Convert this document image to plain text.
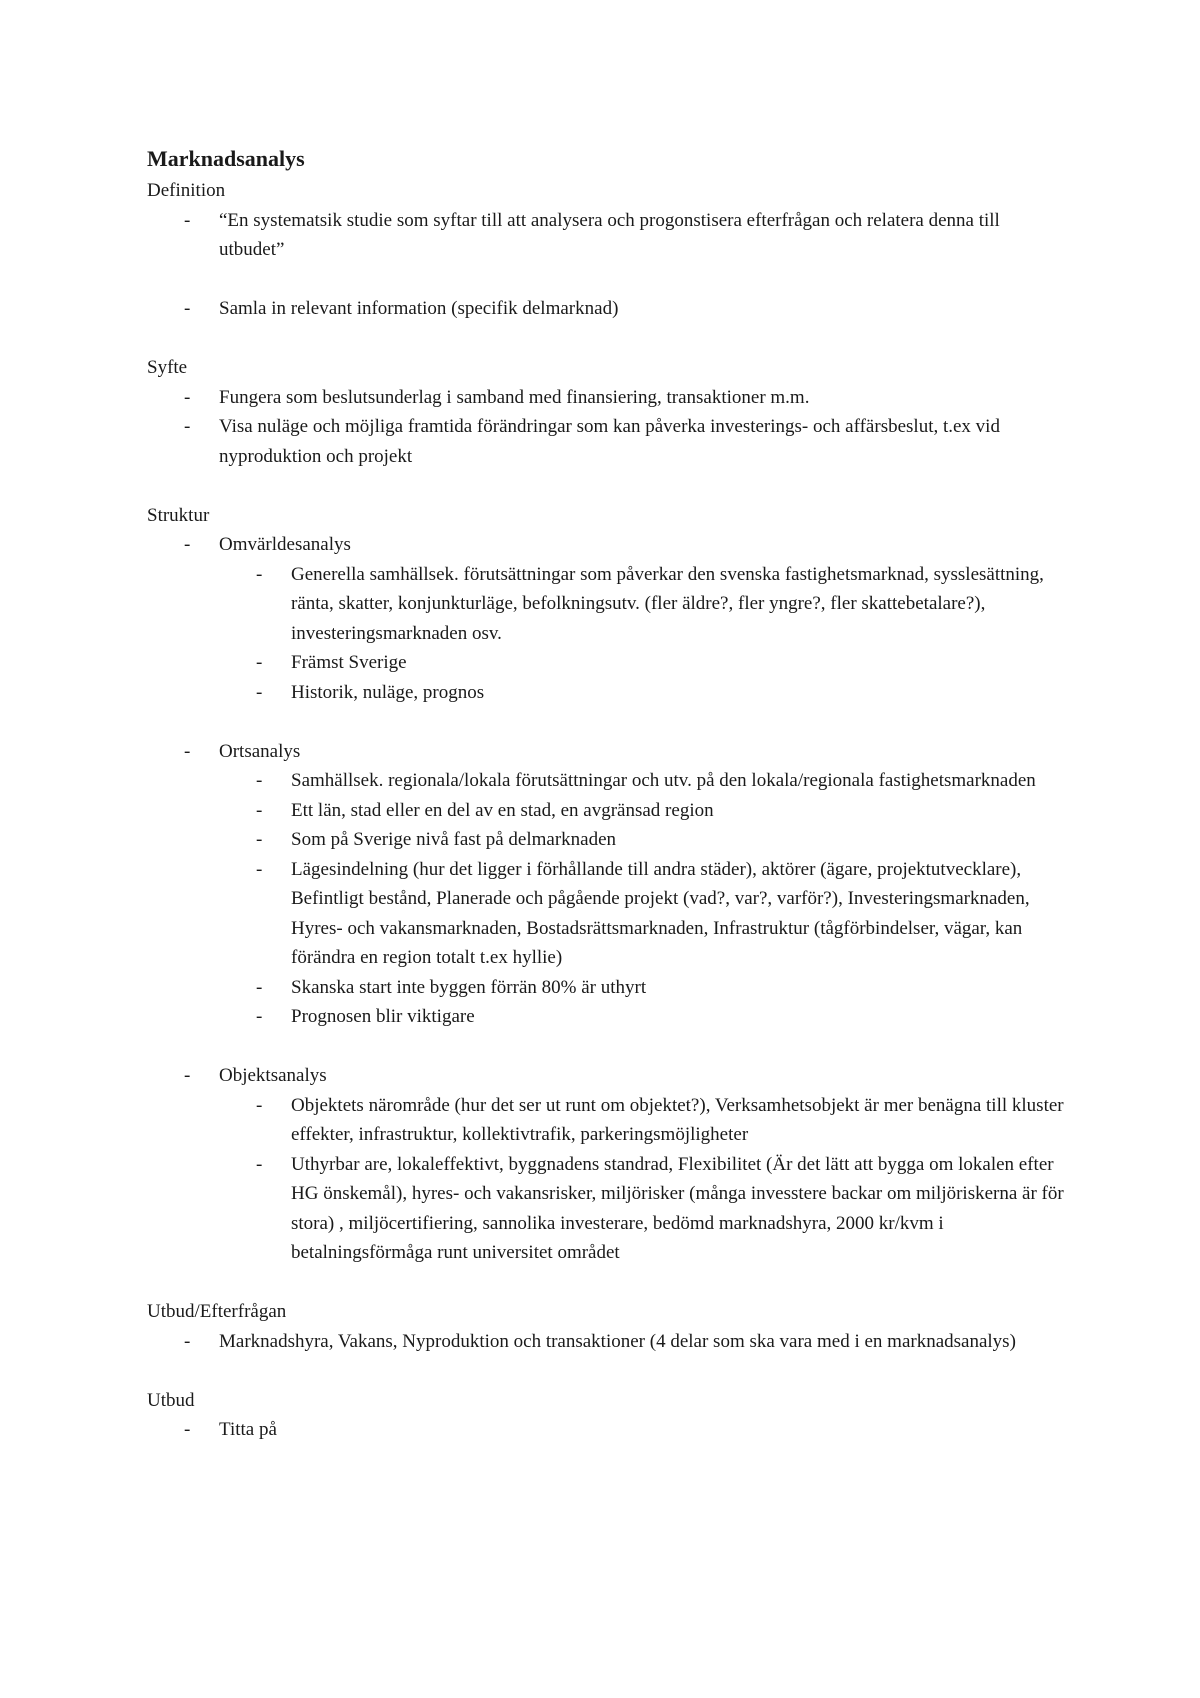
Marknadsanalys
Definition
- “En systematsik studie som syftar till att analysera och progonstisera efterfrågan och relatera denna till utbudet”
- Samla in relevant information (specifik delmarknad)
Syfte
- Fungera som beslutsunderlag i samband med finansiering, transaktioner m.m.
- Visa nuläge och möjliga framtida förändringar som kan påverka investerings- och affärsbeslut, t.ex vid nyproduktion och projekt
Struktur
- Omvärldesanalys
- Generella samhällsek. förutsättningar som påverkar den svenska fastighetsmarknad, sysslesättning, ränta, skatter, konjunkturläge, befolkningsutv. (fler äldre?, fler yngre?, fler skattebetalare?), investeringsmarknaden osv.
- Främst Sverige
- Historik, nuläge, prognos
- Ortsanalys
- Samhällsek. regionala/lokala förutsättningar och utv. på den lokala/regionala fastighetsmarknaden
- Ett län, stad eller en del av en stad, en avgränsad region
- Som på Sverige nivå fast på delmarknaden
- Lägesindelning (hur det ligger i förhållande till andra städer), aktörer (ägare, projektutvecklare), Befintligt bestånd, Planerade och pågående projekt (vad?, var?, varför?), Investeringsmarknaden, Hyres- och vakansmarknaden, Bostadsrättsmarknaden, Infrastruktur (tågförbindelser, vägar, kan förändra en region totalt t.ex hyllie)
- Skanska start inte byggen förrän 80% är uthyrt
- Prognosen blir viktigare
- Objektsanalys
- Objektets närområde (hur det ser ut runt om objektet?), Verksamhetsobjekt är mer benägna till kluster effekter, infrastruktur, kollektivtrafik, parkeringsmöjligheter
- Uthyrbar are, lokaleffektivt, byggnadens standrad, Flexibilitet (Är det lätt att bygga om lokalen efter HG önskemål), hyres- och vakansrisker, miljörisker (många invesstere backar om miljöriskerna är för stora) , miljöcertifiering, sannolika investerare, bedömd marknadshyra, 2000 kr/kvm i betalningsförmåga runt universitet området
Utbud/Efterfrågan
- Marknadshyra, Vakans, Nyproduktion och transaktioner (4 delar som ska vara med i en marknadsanalys)
Utbud
- Titta på
